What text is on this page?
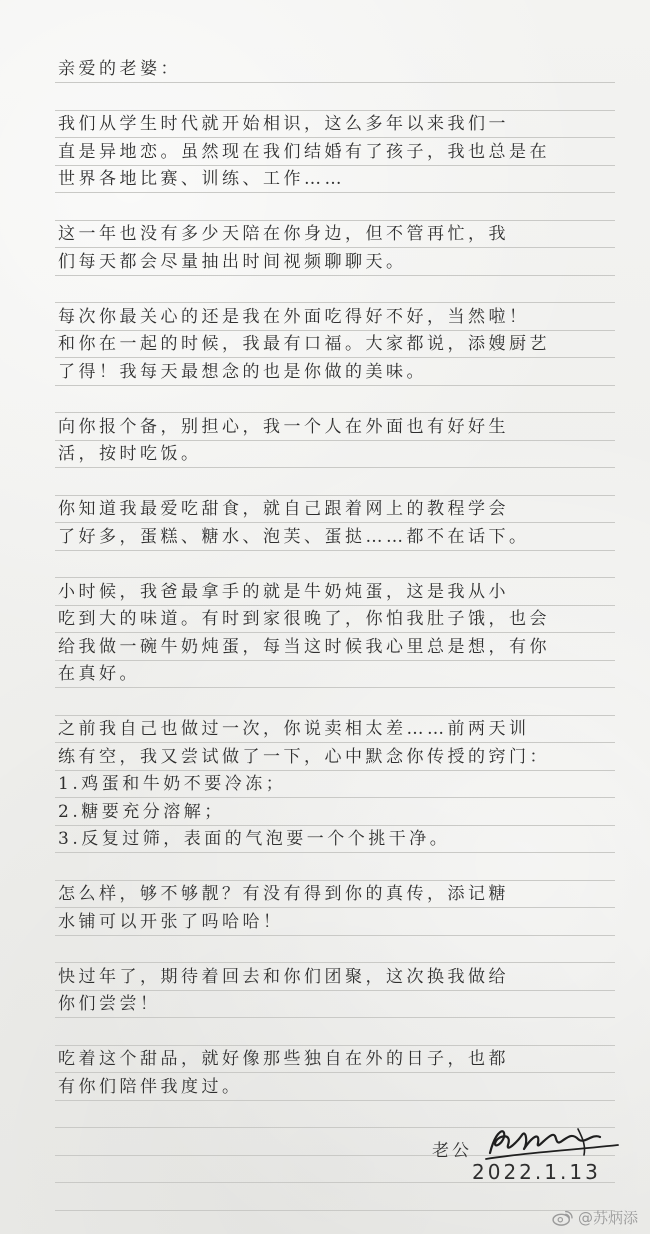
亲爱的老婆：
我们从学生时代就开始相识，这么多年以来我们一
直是异地恋。虽然现在我们结婚有了孩子，我也总是在
世界各地比赛、训练、工作……
这一年也没有多少天陪在你身边，但不管再忙，我
们每天都会尽量抽出时间视频聊聊天。
每次你最关心的还是我在外面吃得好不好，当然啦！
和你在一起的时候，我最有口福。大家都说，添嫂厨艺
了得！我每天最想念的也是你做的美味。
向你报个备，别担心，我一个人在外面也有好好生
活，按时吃饭。
你知道我最爱吃甜食，就自己跟着网上的教程学会
了好多，蛋糕、糖水、泡芙、蛋挞……都不在话下。
小时候，我爸最拿手的就是牛奶炖蛋，这是我从小
吃到大的味道。有时到家很晚了，你怕我肚子饿，也会
给我做一碗牛奶炖蛋，每当这时候我心里总是想，有你
在真好。
之前我自己也做过一次，你说卖相太差……前两天训
练有空，我又尝试做了一下，心中默念你传授的窍门：
1.鸡蛋和牛奶不要冷冻；
2.糖要充分溶解；
3.反复过筛，表面的气泡要一个个挑干净。
怎么样，够不够靓？有没有得到你的真传，添记糖
水铺可以开张了吗哈哈！
快过年了，期待着回去和你们团聚，这次换我做给
你们尝尝！
吃着这个甜品，就好像那些独自在外的日子，也都
有你们陪伴我度过。
老公
2022.1.13
@苏炳添
